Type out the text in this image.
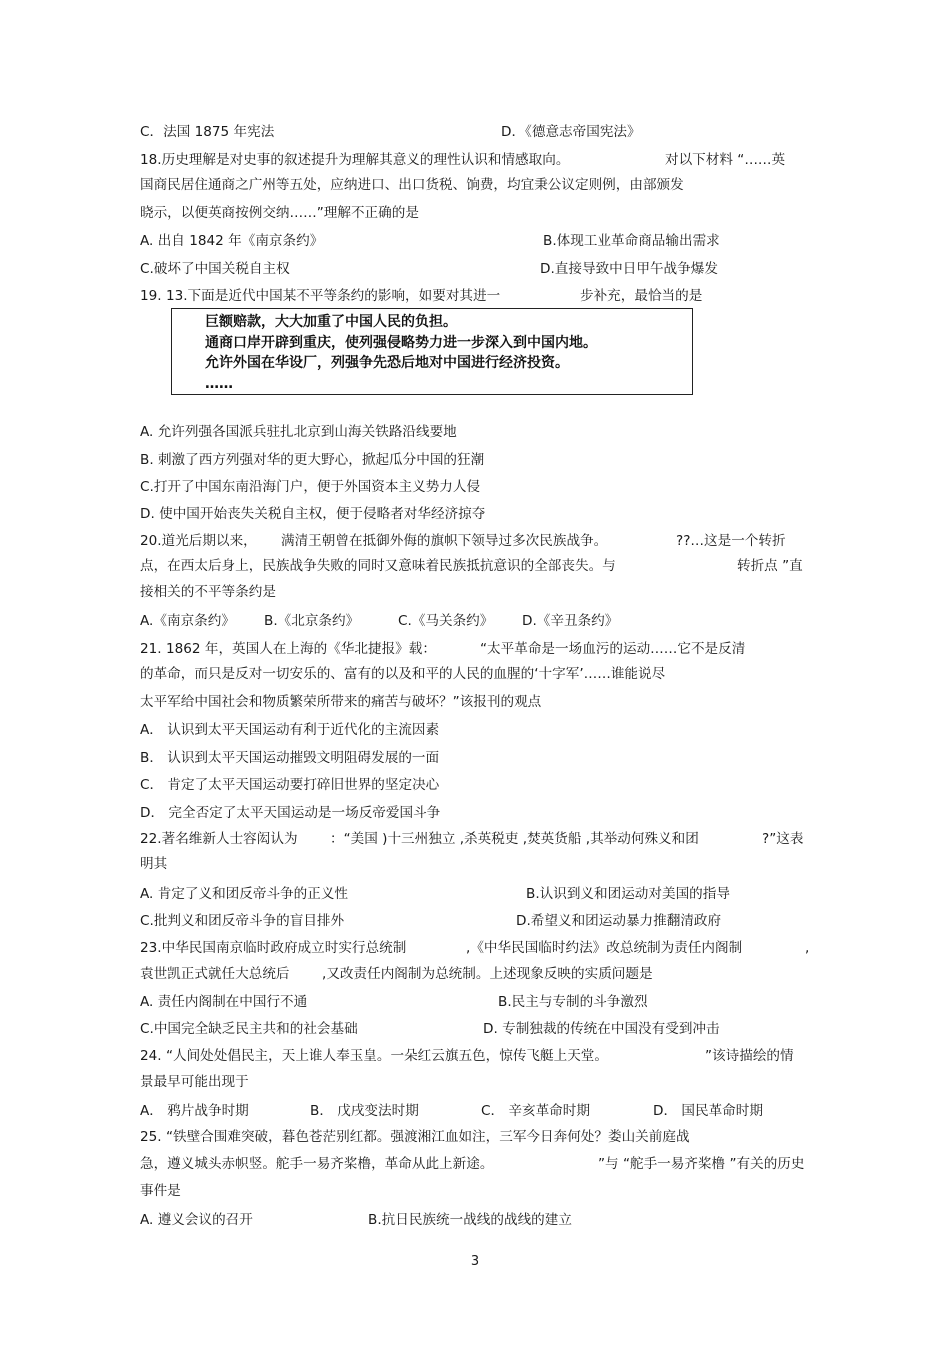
C．法国 1875 年宪法	D．《德意志帝国宪法》
18.历史理解是对史事的叙述提升为理解其意义的理性认识和情感取向。	对以下材料 “……英
国商民居住通商之广州等五处，应纳进口、出口货税、饷费，均宜秉公议定则例，由部颁发
晓示，以便英商按例交纳……”理解不正确的是
A. 出自 1842 年《南京条约》	B.体现工业革命商品输出需求
C.破坏了中国关税自主权	D.直接导致中日甲午战争爆发
19. 13.下面是近代中国某不平等条约的影响，如要对其进一	步补充，最恰当的是
巨额赔款，大大加重了中国人民的负担。
通商口岸开辟到重庆，使列强侵略势力进一步深入到中国内地。
允许外国在华设厂，列强争先恐后地对中国进行经济投资。
……
A. 允许列强各国派兵驻扎北京到山海关铁路沿线要地
B. 刺激了西方列强对华的更大野心，掀起瓜分中国的狂潮
C.打开了中国东南沿海门户，便于外国资本主义势力人侵
D. 使中国开始丧失关税自主权，便于侵略者对华经济掠夺
20.道光后期以来， 满清王朝曾在抵御外侮的旗帜下领导过多次民族战争。	??…这是一个转折
点，在西太后身上，民族战争失败的同时又意味着民族抵抗意识的全部丧失。与	转折点 ”直
接相关的不平等条约是
A.《南京条约》 B.《北京条约》	C.《马关条约》 D.《辛丑条约》
21. 1862 年，英国人在上海的《华北捷报》载：	“太平革命是一场血污的运动……它不是反清
的革命，而只是反对一切安乐的、富有的以及和平的人民的血腥的‘十字军’……谁能说尽
太平军给中国社会和物质繁荣所带来的痛苦与破坏？”该报刊的观点
A． 认识到太平天国运动有利于近代化的主流因素
B． 认识到太平天国运动摧毁文明阻碍发展的一面
C． 肯定了太平天国运动要打碎旧世界的坚定决心
D． 完全否定了太平天国运动是一场反帝爱国斗争
22.著名维新人士容闳认为 ：“美国 )十三州独立 ,杀英税吏 ,焚英货船 ,其举动何殊义和团	?”这表
明其
A. 肯定了义和团反帝斗争的正义性	B.认识到义和团运动对美国的指导
C.批判义和团反帝斗争的盲目排外	D.希望义和团运动暴力推翻清政府
23.中华民国南京临时政府成立时实行总统制	,《中华民国临时约法》改总统制为责任内阁制	,
袁世凯正式就任大总统后 ,又改责任内阁制为总统制。上述现象反映的实质问题是
A. 责任内阁制在中国行不通	B.民主与专制的斗争激烈
C.中国完全缺乏民主共和的社会基础	D. 专制独裁的传统在中国没有受到冲击
24. “人间处处倡民主，天上谁人奉玉皇。一朵红云旗五色，惊传飞艇上天堂。	”该诗描绘的情
景最早可能出现于
A． 鸦片战争时期	B． 戊戌变法时期	C． 辛亥革命时期	D． 国民革命时期
25. “铁壁合围难突破，暮色苍茫别红都。强渡湘江血如注，三军今日奔何处？娄山关前庭战
急，遵义城头赤帜竖。舵手一易齐桨橹，革命从此上新途。	”与 “舵手一易齐桨橹 ”有关的历史
事件是
A. 遵义会议的召开	B.抗日民族统一战线的战线的建立
3
